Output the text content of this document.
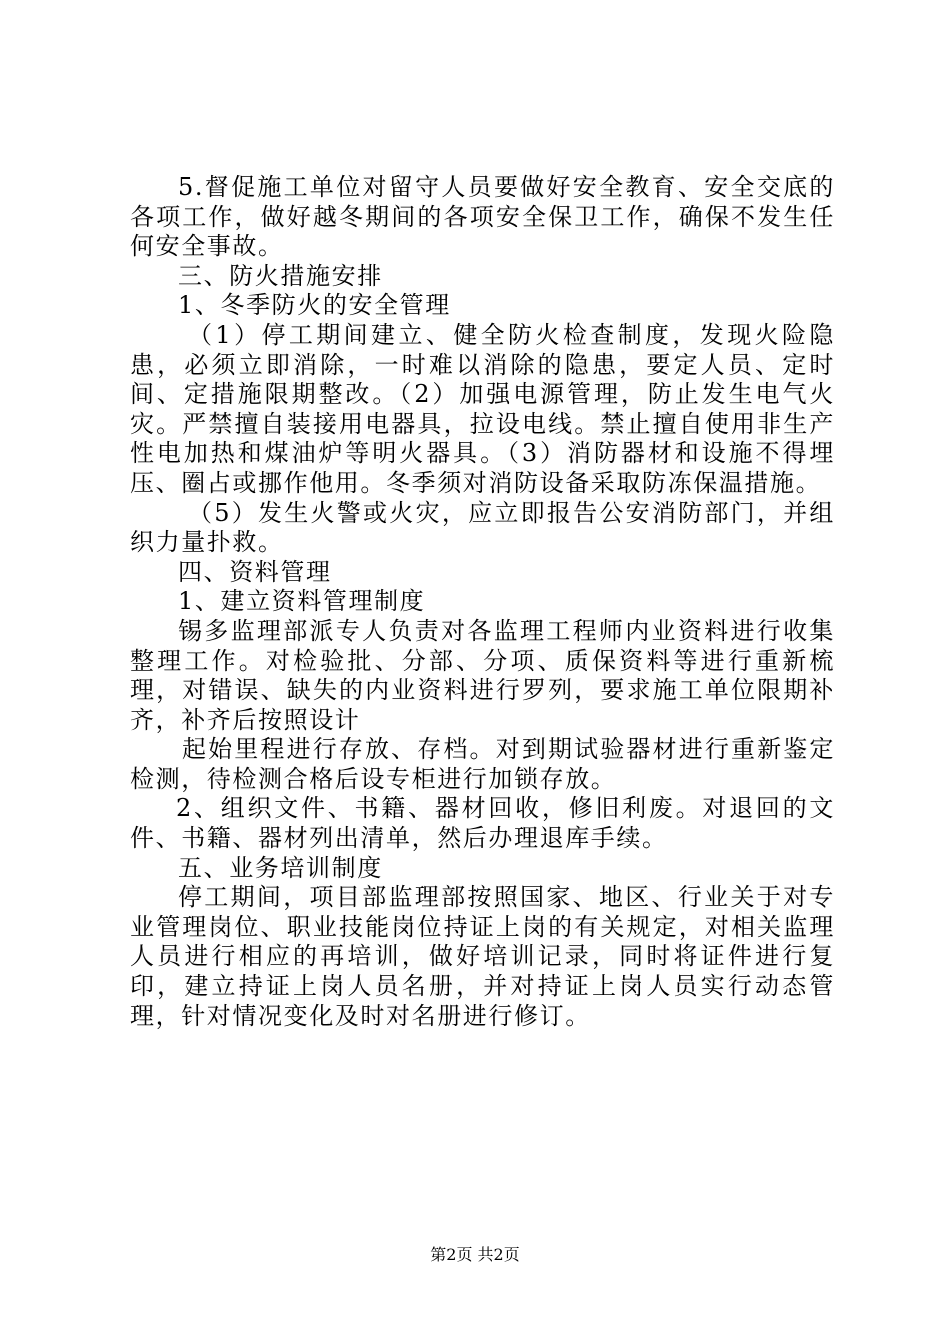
5.督促施工单位对留守人员要做好安全教育、安全交底的各项工作，做好越冬期间的各项安全保卫工作，确保不发生任何安全事故。

三、防火措施安排

1、冬季防火的安全管理

（1）停工期间建立、健全防火检查制度，发现火险隐患，必须立即消除，一时难以消除的隐患，要定人员、定时间、定措施限期整改。（2）加强电源管理，防止发生电气火灾。严禁擅自装接用电器具，拉设电线。禁止擅自使用非生产性电加热和煤油炉等明火器具。（3）消防器材和设施不得埋压、圈占或挪作他用。冬季须对消防设备采取防冻保温措施。

（5）发生火警或火灾，应立即报告公安消防部门，并组织力量扑救。

四、资料管理

1、建立资料管理制度

锡多监理部派专人负责对各监理工程师内业资料进行收集整理工作。对检验批、分部、分项、质保资料等进行重新梳理，对错误、缺失的内业资料进行罗列，要求施工单位限期补齐，补齐后按照设计

起始里程进行存放、存档。对到期试验器材进行重新鉴定检测，待检测合格后设专柜进行加锁存放。

2、组织文件、书籍、器材回收，修旧利废。对退回的文件、书籍、器材列出清单，然后办理退库手续。

五、业务培训制度

停工期间，项目部监理部按照国家、地区、行业关于对专业管理岗位、职业技能岗位持证上岗的有关规定，对相关监理人员进行相应的再培训，做好培训记录，同时将证件进行复印，建立持证上岗人员名册，并对持证上岗人员实行动态管理，针对情况变化及时对名册进行修订。

第2页 共2页
